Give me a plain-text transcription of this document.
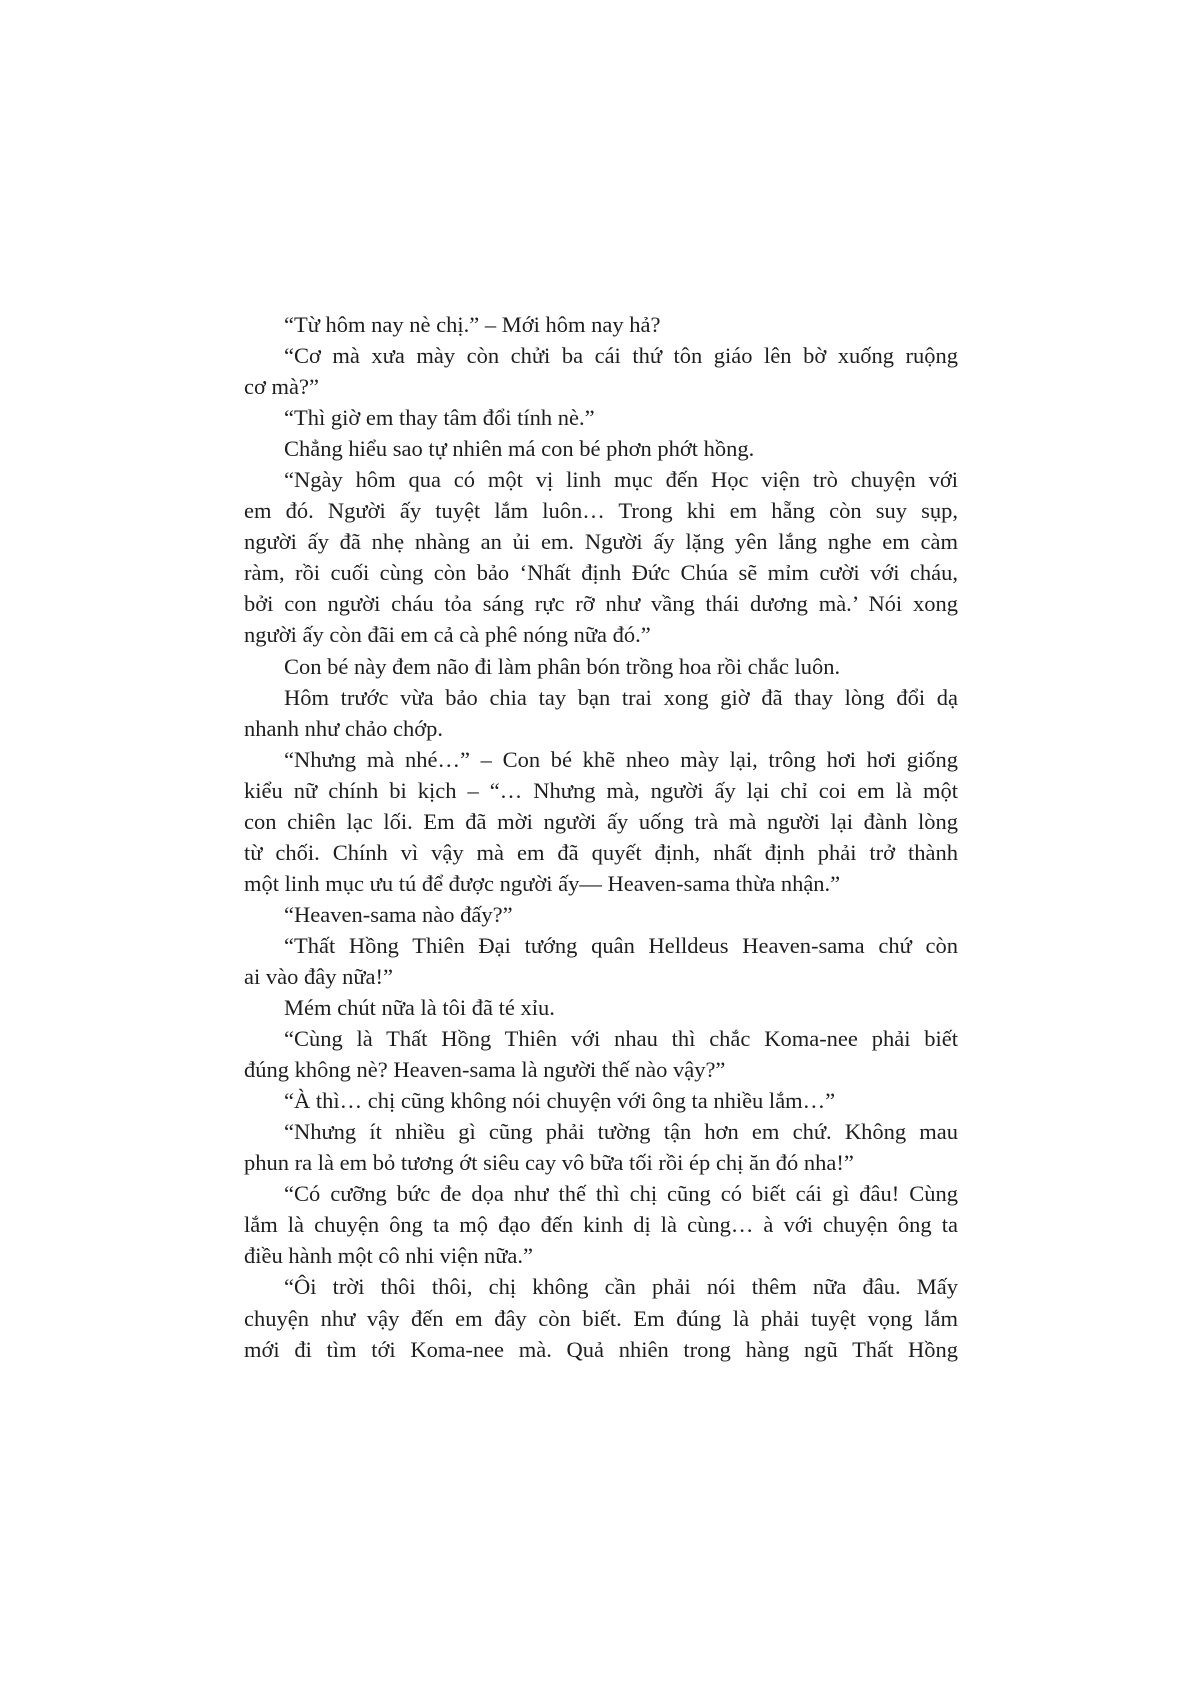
“Từ hôm nay nè chị.” – Mới hôm nay hả?
“Cơ mà xưa mày còn chửi ba cái thứ tôn giáo lên bờ xuống ruộng
cơ mà?”
“Thì giờ em thay tâm đổi tính nè.”
Chẳng hiểu sao tự nhiên má con bé phơn phớt hồng.
“Ngày hôm qua có một vị linh mục đến Học viện trò chuyện với
em đó. Người ấy tuyệt lắm luôn… Trong khi em hẵng còn suy sụp,
người ấy đã nhẹ nhàng an ủi em. Người ấy lặng yên lắng nghe em càm
ràm, rồi cuối cùng còn bảo ‘Nhất định Đức Chúa sẽ mỉm cười với cháu,
bởi con người cháu tỏa sáng rực rỡ như vầng thái dương mà.’ Nói xong
người ấy còn đãi em cả cà phê nóng nữa đó.”
Con bé này đem não đi làm phân bón trồng hoa rồi chắc luôn.
Hôm trước vừa bảo chia tay bạn trai xong giờ đã thay lòng đổi dạ
nhanh như chảo chớp.
“Nhưng mà nhé…” – Con bé khẽ nheo mày lại, trông hơi hơi giống
kiểu nữ chính bi kịch – “… Nhưng mà, người ấy lại chỉ coi em là một
con chiên lạc lối. Em đã mời người ấy uống trà mà người lại đành lòng
từ chối. Chính vì vậy mà em đã quyết định, nhất định phải trở thành
một linh mục ưu tú để được người ấy— Heaven-sama thừa nhận.”
“Heaven-sama nào đấy?”
“Thất Hồng Thiên Đại tướng quân Helldeus Heaven-sama chứ còn
ai vào đây nữa!”
Mém chút nữa là tôi đã té xỉu.
“Cùng là Thất Hồng Thiên với nhau thì chắc Koma-nee phải biết
đúng không nè? Heaven-sama là người thế nào vậy?”
“À thì… chị cũng không nói chuyện với ông ta nhiều lắm…”
“Nhưng ít nhiều gì cũng phải tường tận hơn em chứ. Không mau
phun ra là em bỏ tương ớt siêu cay vô bữa tối rồi ép chị ăn đó nha!”
“Có cưỡng bức đe dọa như thế thì chị cũng có biết cái gì đâu! Cùng
lắm là chuyện ông ta mộ đạo đến kinh dị là cùng… à với chuyện ông ta
điều hành một cô nhi viện nữa.”
“Ôi trời thôi thôi, chị không cần phải nói thêm nữa đâu. Mấy
chuyện như vậy đến em đây còn biết. Em đúng là phải tuyệt vọng lắm
mới đi tìm tới Koma-nee mà. Quả nhiên trong hàng ngũ Thất Hồng
